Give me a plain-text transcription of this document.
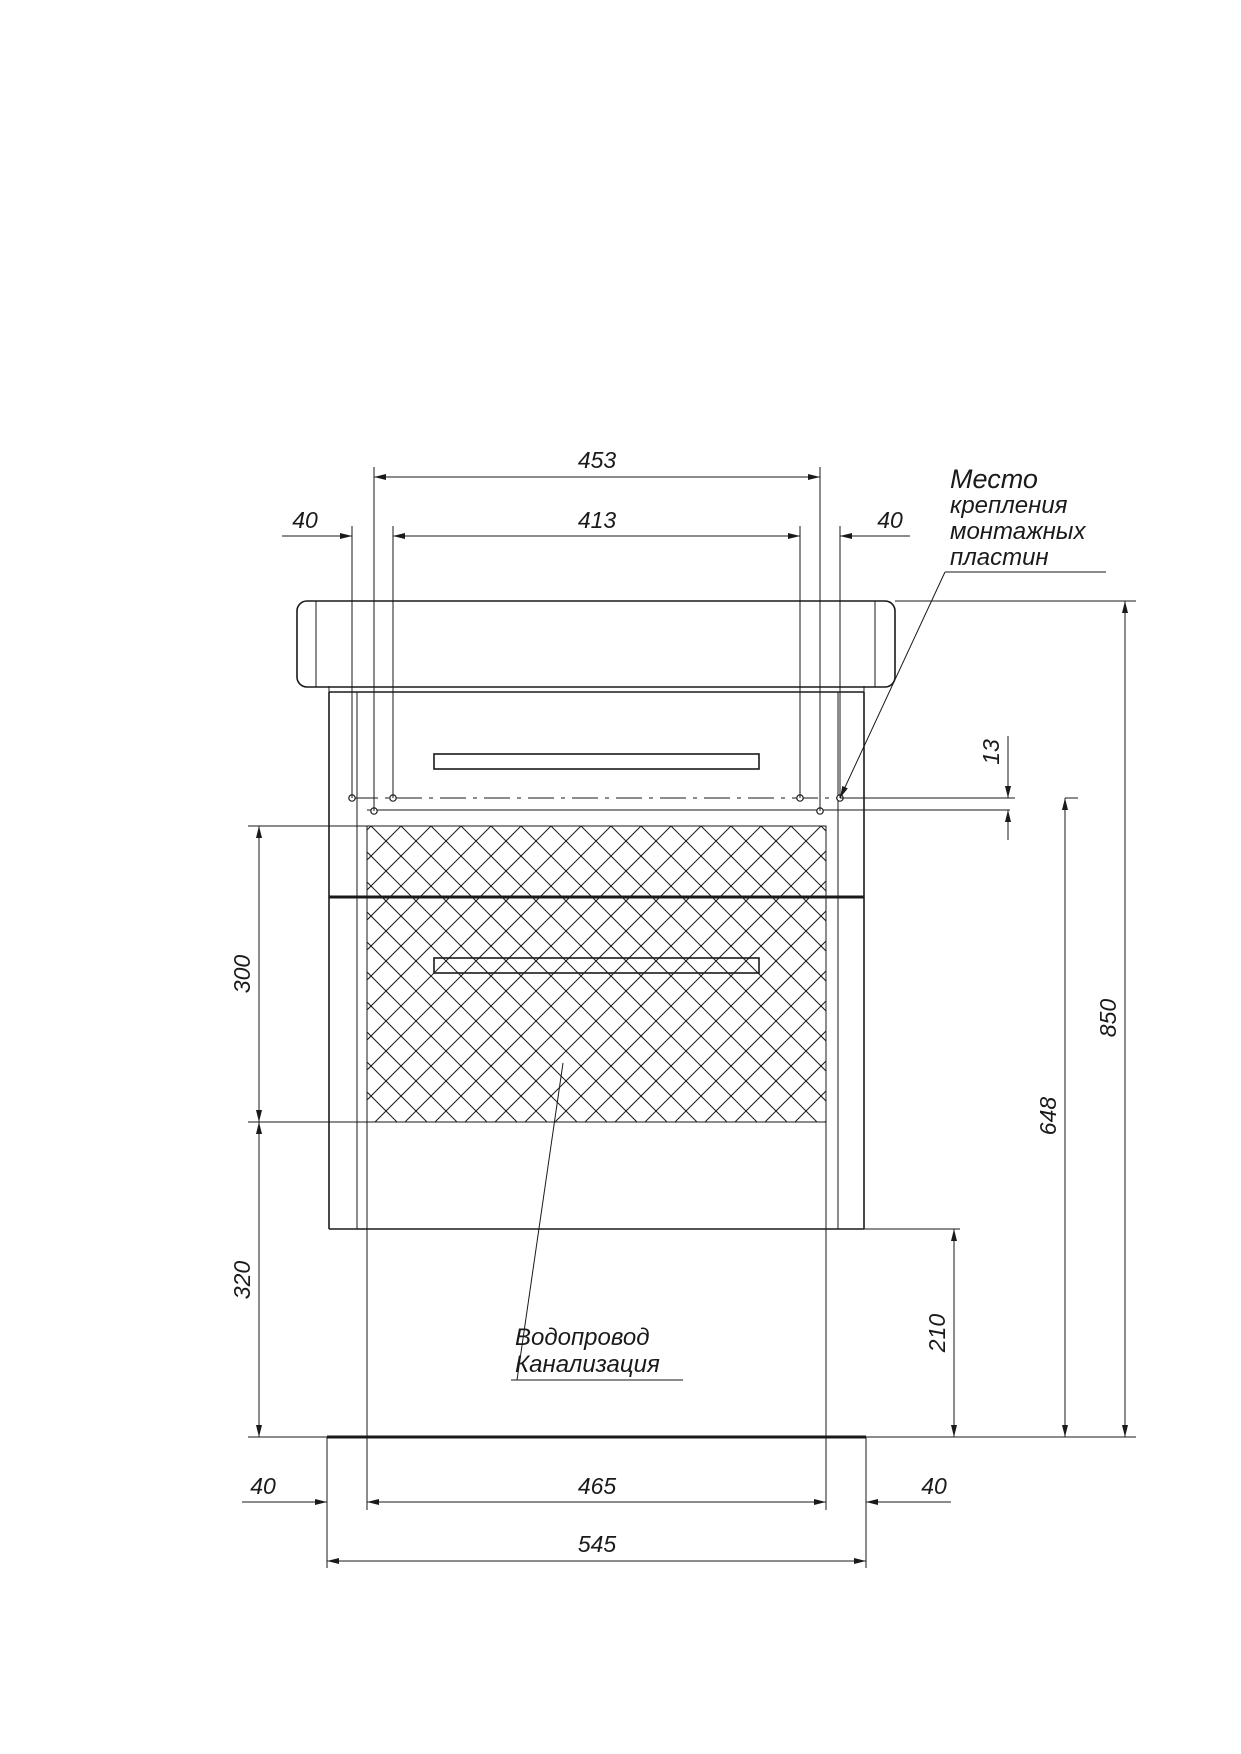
453
413
40	40
Место
крепления
монтажных
пластин
13
300
320
210
648
850
465
40	40
545
Водопровод
Канализация
